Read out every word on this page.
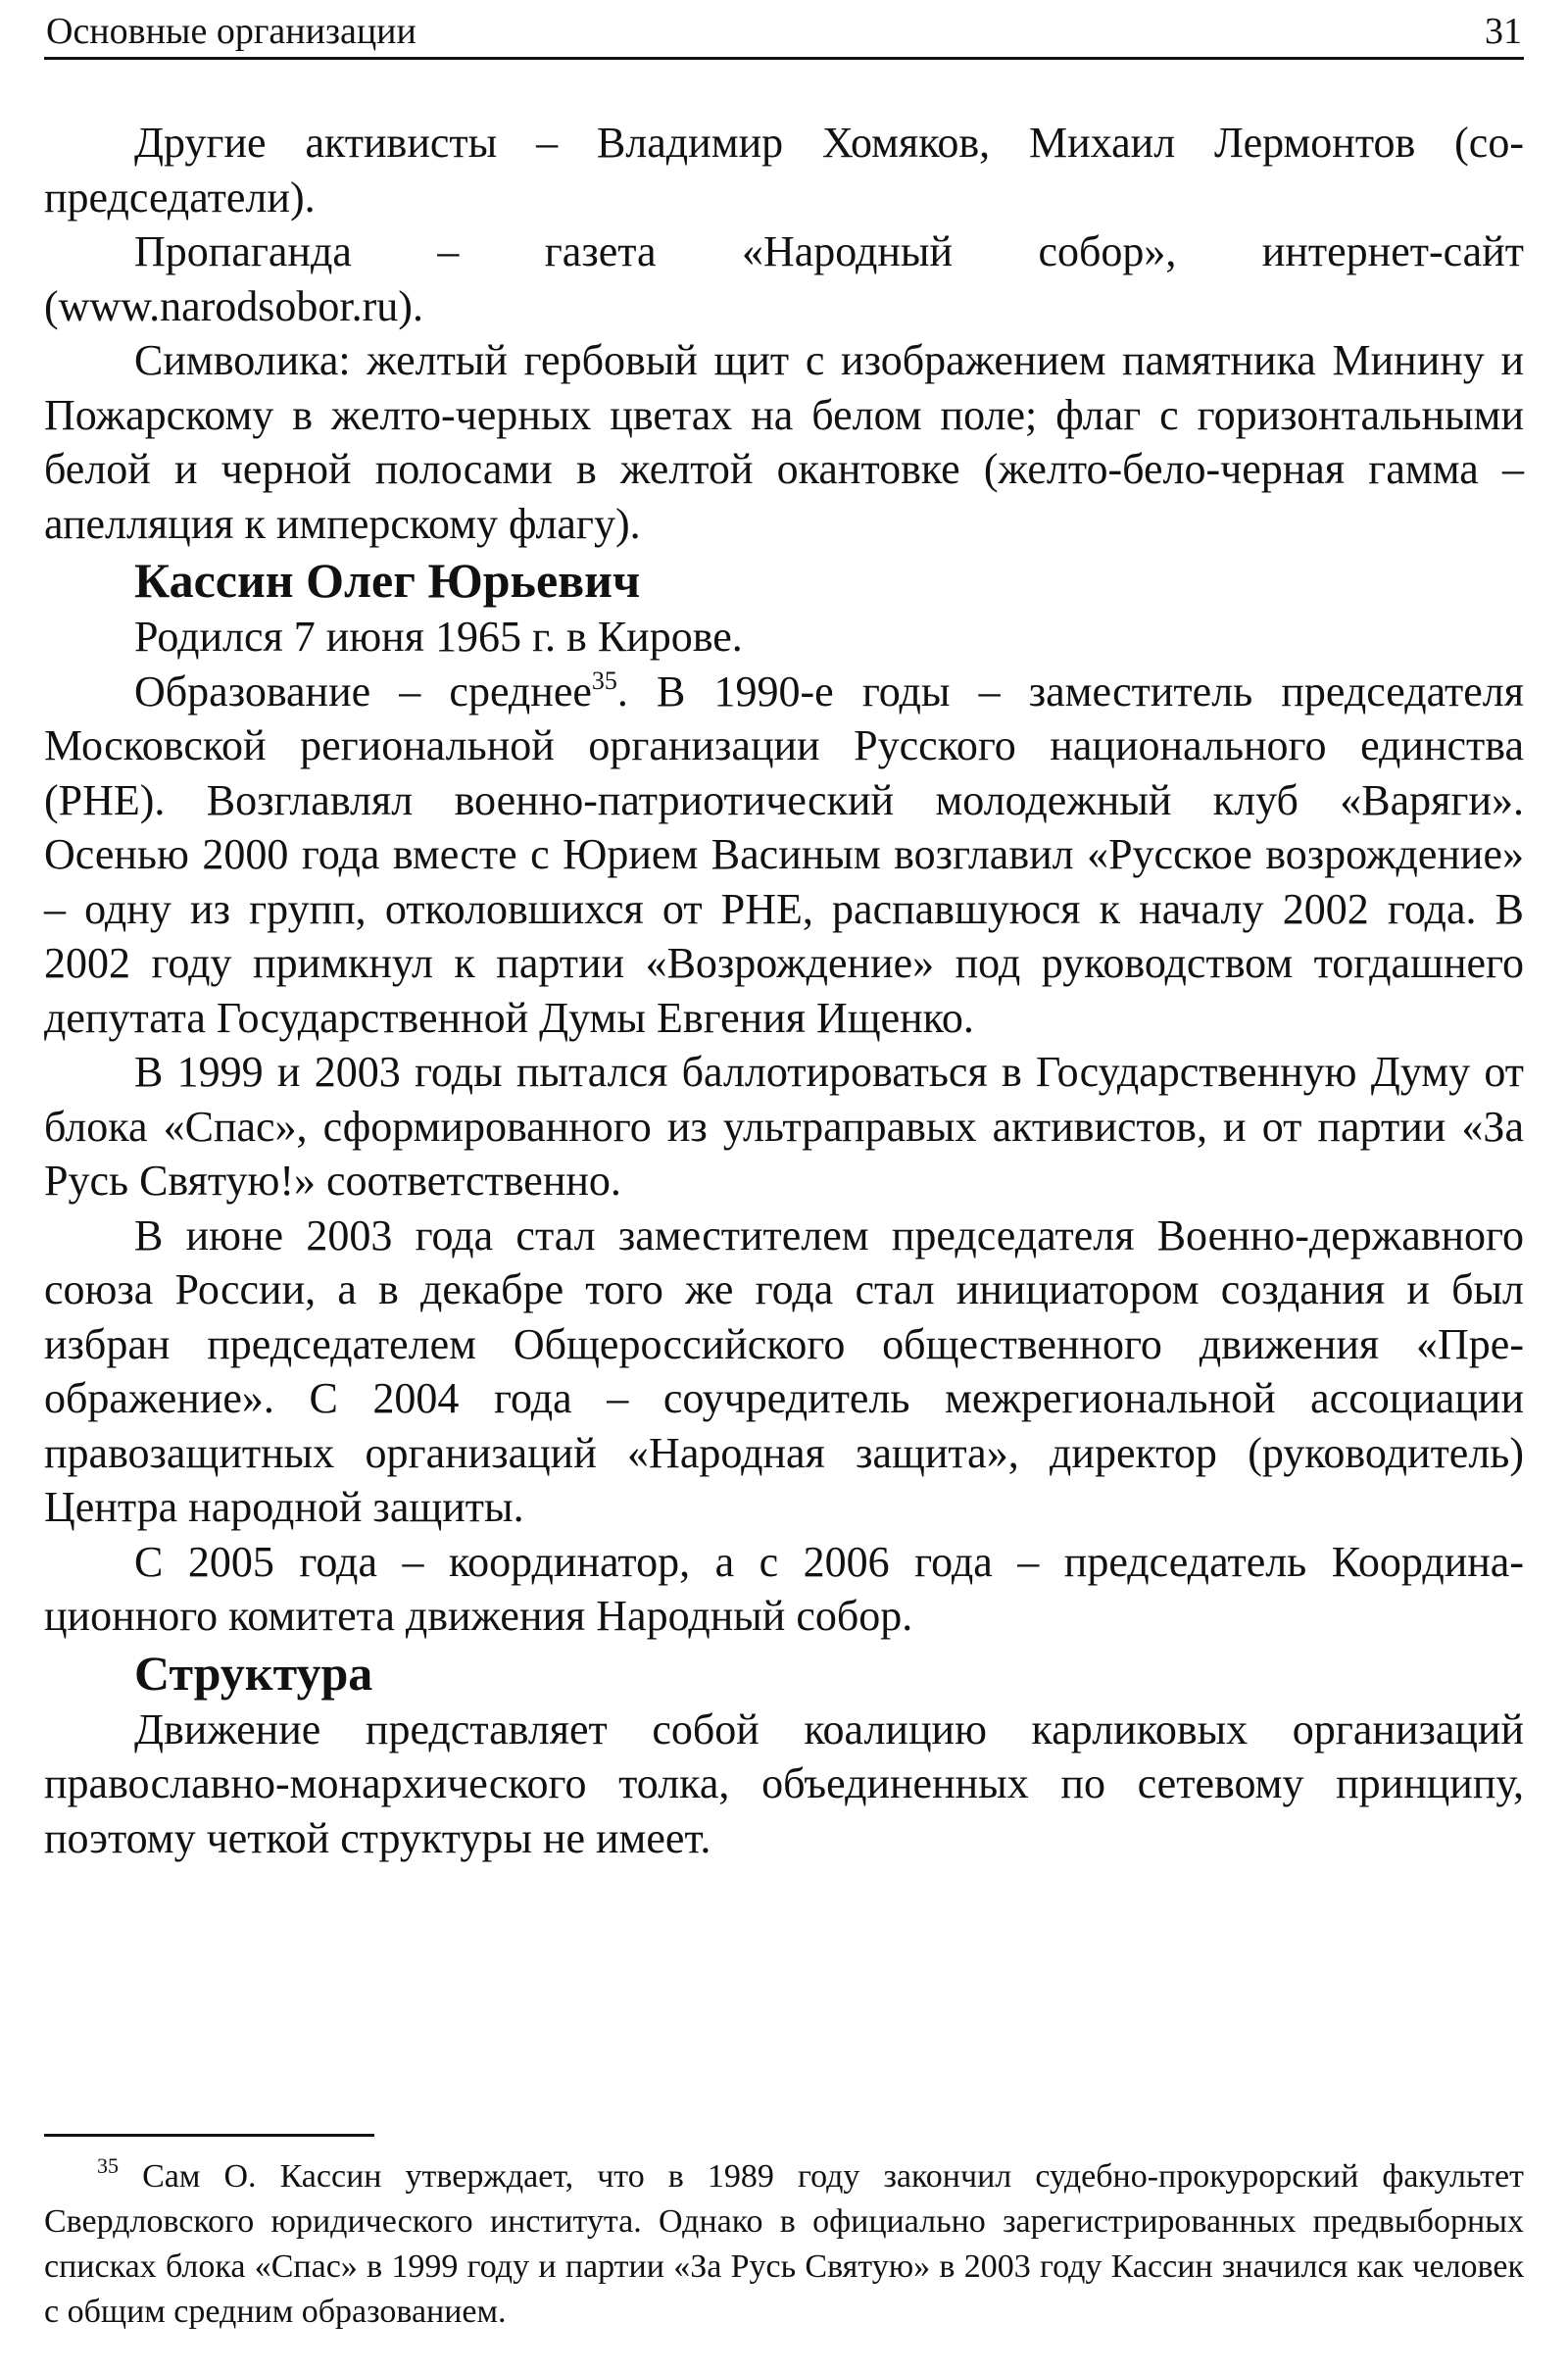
Основные организации	31

Другие активисты – Владимир Хомяков, Михаил Лермонтов (сопредседатели).

Пропаганда – газета «Народный собор», интернет-сайт (www.narodsobor.ru).

Символика: желтый гербовый щит с изображением памятника Минину и Пожарскому в желто-черных цветах на белом поле; флаг с горизонтальными белой и черной полосами в желтой окантовке (желто-бело-черная гамма – апелляция к имперскому флагу).

Кассин Олег Юрьевич

Родился 7 июня 1965 г. в Кирове.

Образование – среднее$^{35}$. В 1990-е годы – заместитель председателя Московской региональной организации Русского национального единства (РНЕ). Возглавлял военно-патриотический молодежный клуб «Варяги». Осенью 2000 года вместе с Юрием Васиным возглавил «Русское возрождение» – одну из групп, отколовшихся от РНЕ, распавшуюся к началу 2002 года. В 2002 году примкнул к партии «Возрождение» под руководством тогдашнего депутата Государственной Думы Евгения Ищенко.

В 1999 и 2003 годы пытался баллотироваться в Государственную Думу от блока «Спас», сформированного из ультраправых активистов, и от партии «За Русь Святую!» соответственно.

В июне 2003 года стал заместителем председателя Военно-державного союза России, а в декабре того же года стал инициатором создания и был избран председателем Общероссийского общественного движения «Преображение». С 2004 года – соучредитель межрегиональной ассоциации правозащитных организаций «Народная защита», директор (руководитель) Центра народной защиты.

С 2005 года – координатор, а с 2006 года – председатель Координационного комитета движения Народный собор.

Структура

Движение представляет собой коалицию карликовых организаций православно-монархического толка, объединенных по сетевому принципу, поэтому четкой структуры не имеет.

$^{35}$ Сам О. Кассин утверждает, что в 1989 году закончил судебно-прокурорский факультет Свердловского юридического института. Однако в официально зарегистрированных предвыборных списках блока «Спас» в 1999 году и партии «За Русь Святую» в 2003 году Кассин значился как человек с общим средним образованием.
